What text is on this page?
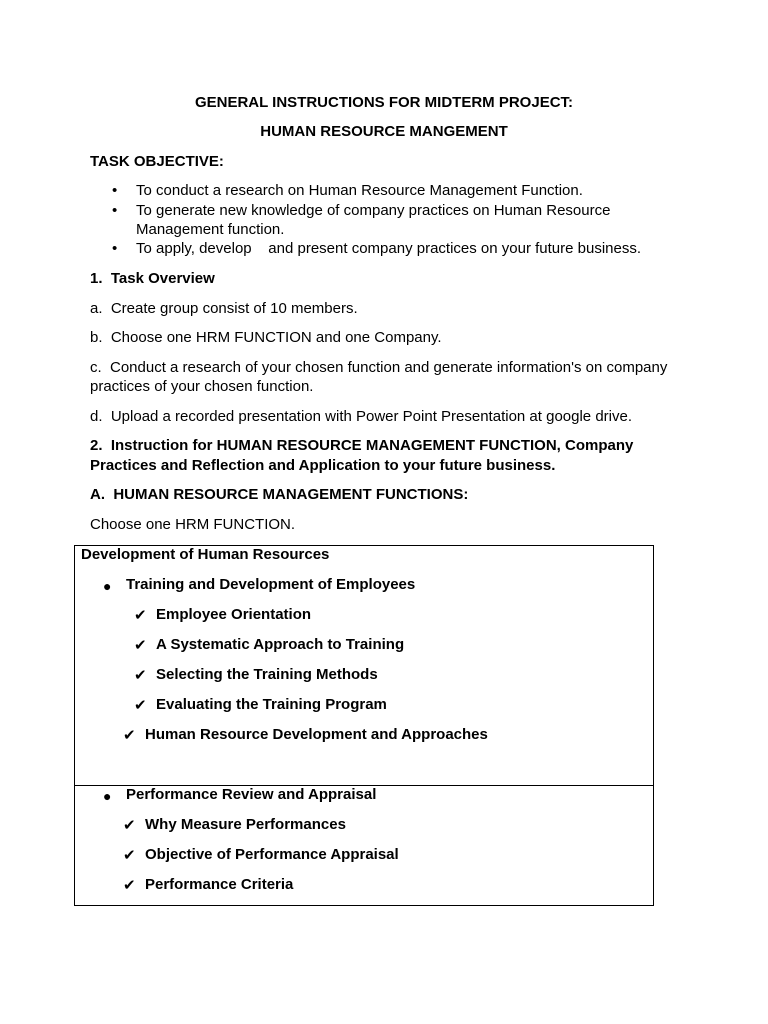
GENERAL INSTRUCTIONS FOR MIDTERM PROJECT:
HUMAN RESOURCE MANGEMENT
TASK OBJECTIVE:
• To conduct a research on Human Resource Management Function.
• To generate new knowledge of company practices on Human Resource
Management function.
• To apply, develop    and present company practices on your future business.
1.  Task Overview
a.  Create group consist of 10 members.
b.  Choose one HRM FUNCTION and one Company.
c.  Conduct a research of your chosen function and generate information's on company
practices of your chosen function.
d.  Upload a recorded presentation with Power Point Presentation at google drive.
2.  Instruction for HUMAN RESOURCE MANAGEMENT FUNCTION, Company
Practices and Reflection and Application to your future business.
A.  HUMAN RESOURCE MANAGEMENT FUNCTIONS:
Choose one HRM FUNCTION.
Development of Human Resources
● Training and Development of Employees
✔ Employee Orientation
✔ A Systematic Approach to Training
✔ Selecting the Training Methods
✔ Evaluating the Training Program
✔ Human Resource Development and Approaches
● Performance Review and Appraisal
✔ Why Measure Performances
✔ Objective of Performance Appraisal
✔ Performance Criteria
